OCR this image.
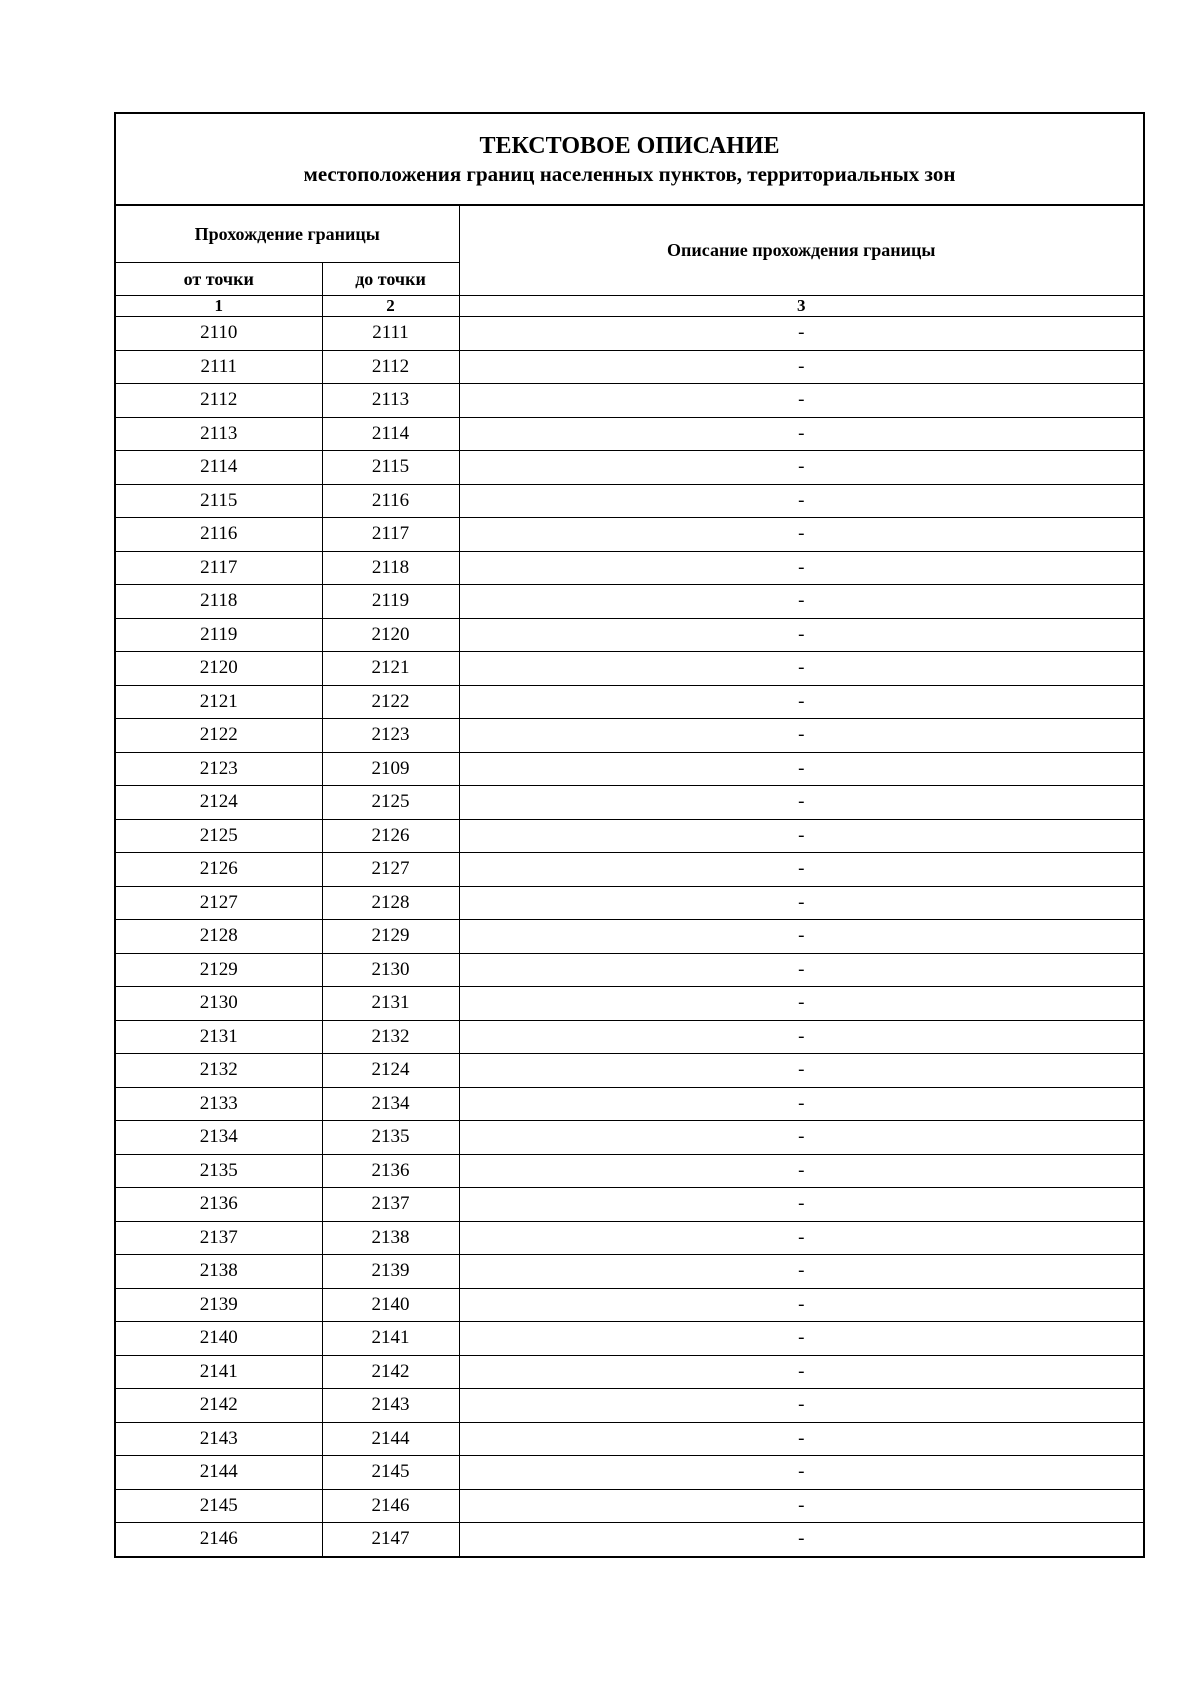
ТЕКСТОВОЕ ОПИСАНИЕ
местоположения границ населенных пунктов, территориальных зон
Прохождение границы		Описание прохождения границы
от точки	до точки	
1	2	3
2110	2111	-
2111	2112	-
2112	2113	-
2113	2114	-
2114	2115	-
2115	2116	-
2116	2117	-
2117	2118	-
2118	2119	-
2119	2120	-
2120	2121	-
2121	2122	-
2122	2123	-
2123	2109	-
2124	2125	-
2125	2126	-
2126	2127	-
2127	2128	-
2128	2129	-
2129	2130	-
2130	2131	-
2131	2132	-
2132	2124	-
2133	2134	-
2134	2135	-
2135	2136	-
2136	2137	-
2137	2138	-
2138	2139	-
2139	2140	-
2140	2141	-
2141	2142	-
2142	2143	-
2143	2144	-
2144	2145	-
2145	2146	-
2146	2147	-
